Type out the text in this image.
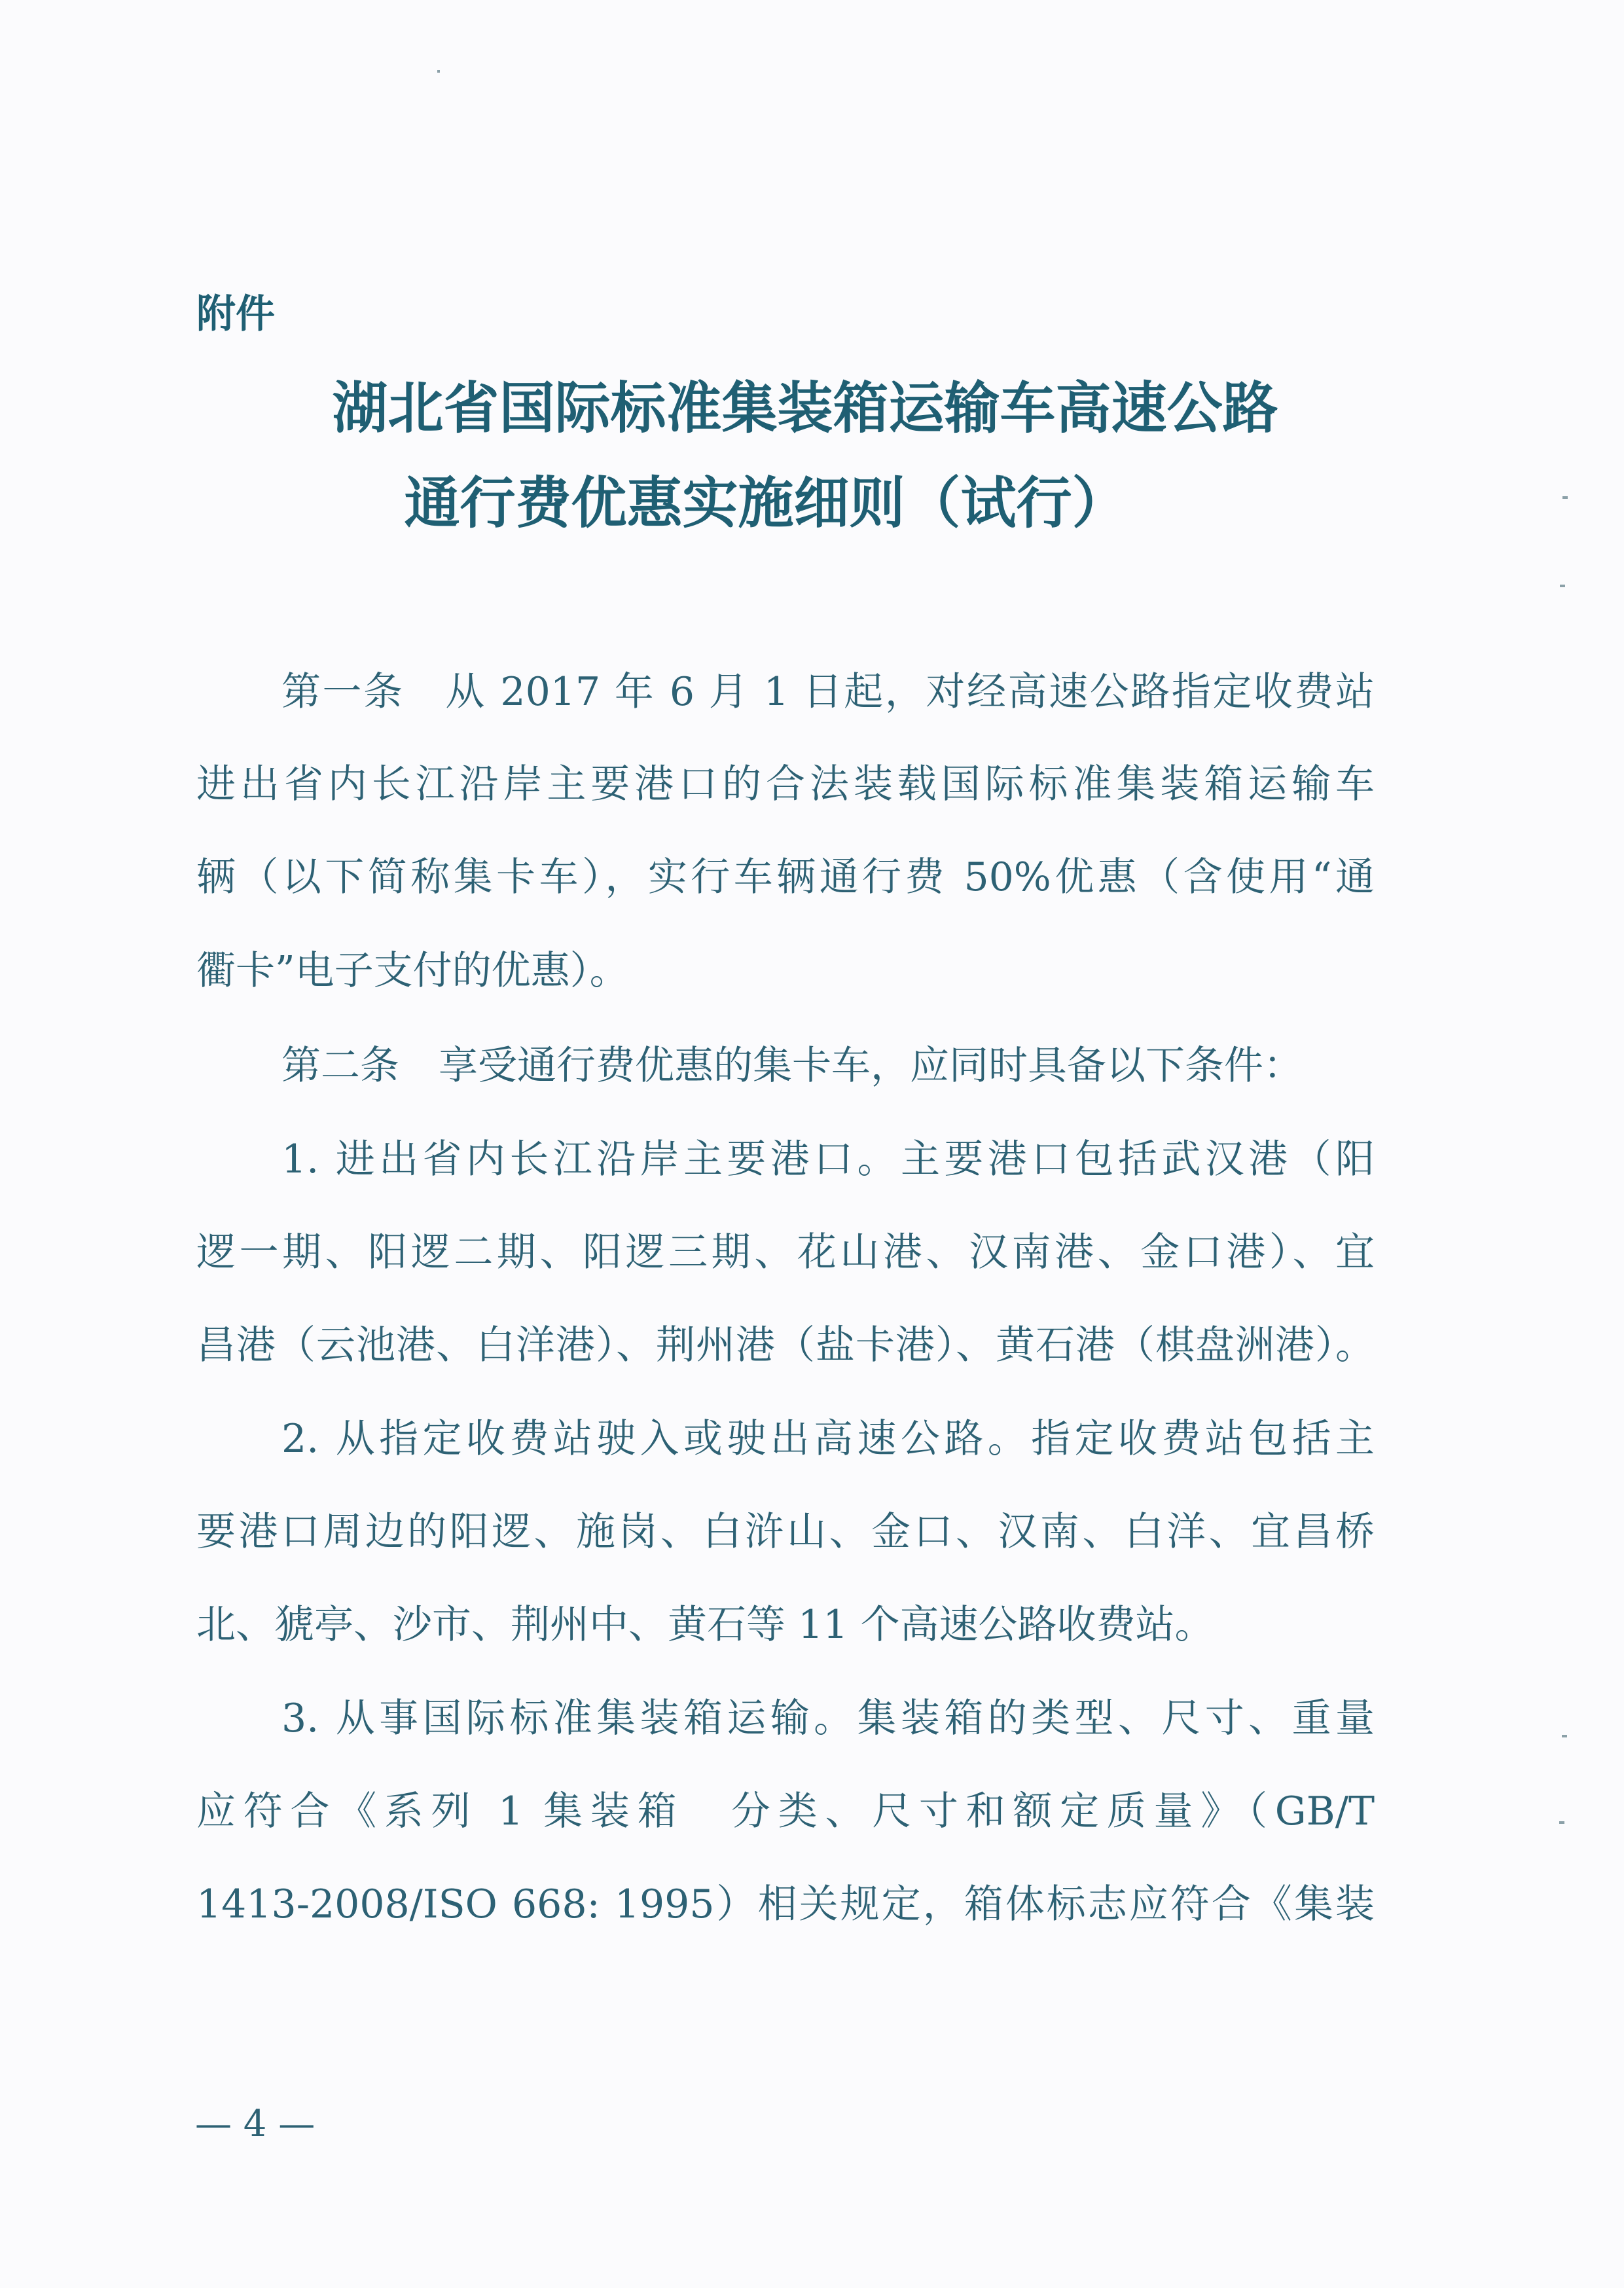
附件
湖北省国际标准集装箱运输车高速公路
通行费优惠实施细则（试行）
第一条　从 2017 年 6 月 1 日起，对经高速公路指定收费站
进出省内长江沿岸主要港口的合法装载国际标准集装箱运输车
辆（以下简称集卡车），实行车辆通行费 50%优惠（含使用“通
衢卡”电子支付的优惠）。
第二条　享受通行费优惠的集卡车，应同时具备以下条件：
1. 进出省内长江沿岸主要港口。主要港口包括武汉港（阳
逻一期、阳逻二期、阳逻三期、花山港、汉南港、金口港）、宜
昌港（云池港、白洋港）、荆州港（盐卡港）、黄石港（棋盘洲港）。
2. 从指定收费站驶入或驶出高速公路。指定收费站包括主
要港口周边的阳逻、施岗、白浒山、金口、汉南、白洋、宜昌桥
北、猇亭、沙市、荆州中、黄石等 11 个高速公路收费站。
3. 从事国际标准集装箱运输。集装箱的类型、尺寸、重量
应符合《系列 1 集装箱　分类、尺寸和额定质量》（GB/T
1413-2008/ISO 668: 1995）相关规定，箱体标志应符合《集装
— 4 —
